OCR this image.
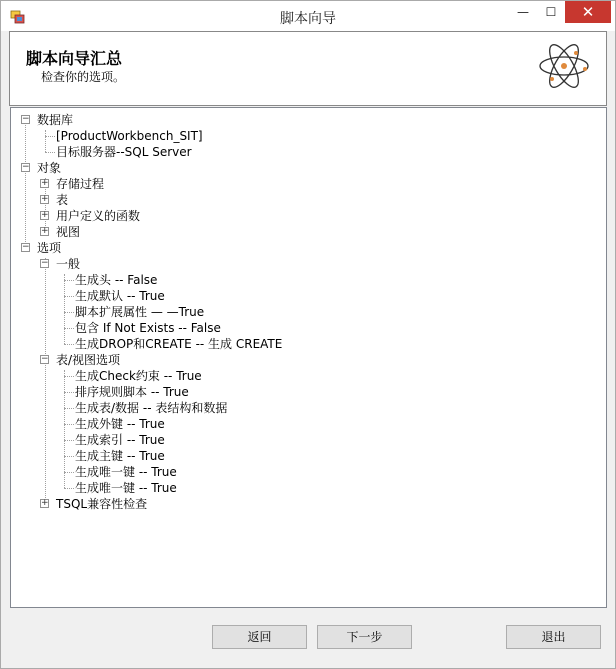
脚本向导	—	☐	✕
脚本向导汇总
检查你的选项。
− 数据库
[ProductWorkbench_SIT]
目标服务器--SQL Server
− 对象
+ 存储过程
+ 表
+ 用户定义的函数
+ 视图
− 选项
− 一般
生成头 -- False
生成默认 -- True
脚本扩展属性 — —True
包含 If Not Exists -- False
生成DROP和CREATE -- 生成 CREATE
− 表/视图选项
生成Check约束 -- True
排序规则脚本 -- True
生成表/数据 -- 表结构和数据
生成外键 -- True
生成索引 -- True
生成主键 -- True
生成唯一键 -- True
生成唯一键 -- True
+ TSQL兼容性检查
返回	下一步	退出
